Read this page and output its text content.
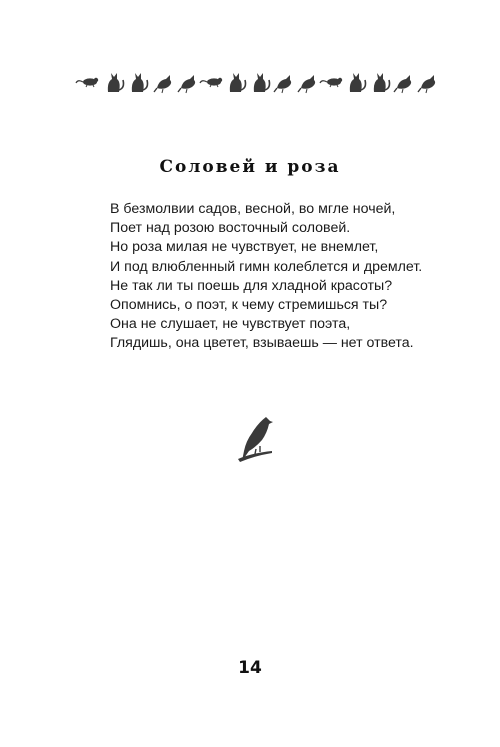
Соловей и роза
В безмолвии садов, весной, во мгле ночей,
Поет над розою восточный соловей.
Но роза милая не чувствует, не внемлет,
И под влюбленный гимн колеблется и дремлет.
Не так ли ты поешь для хладной красоты?
Опомнись, о поэт, к чему стремишься ты?
Она не слушает, не чувствует поэта,
Глядишь, она цветет, взываешь — нет ответа.
14
